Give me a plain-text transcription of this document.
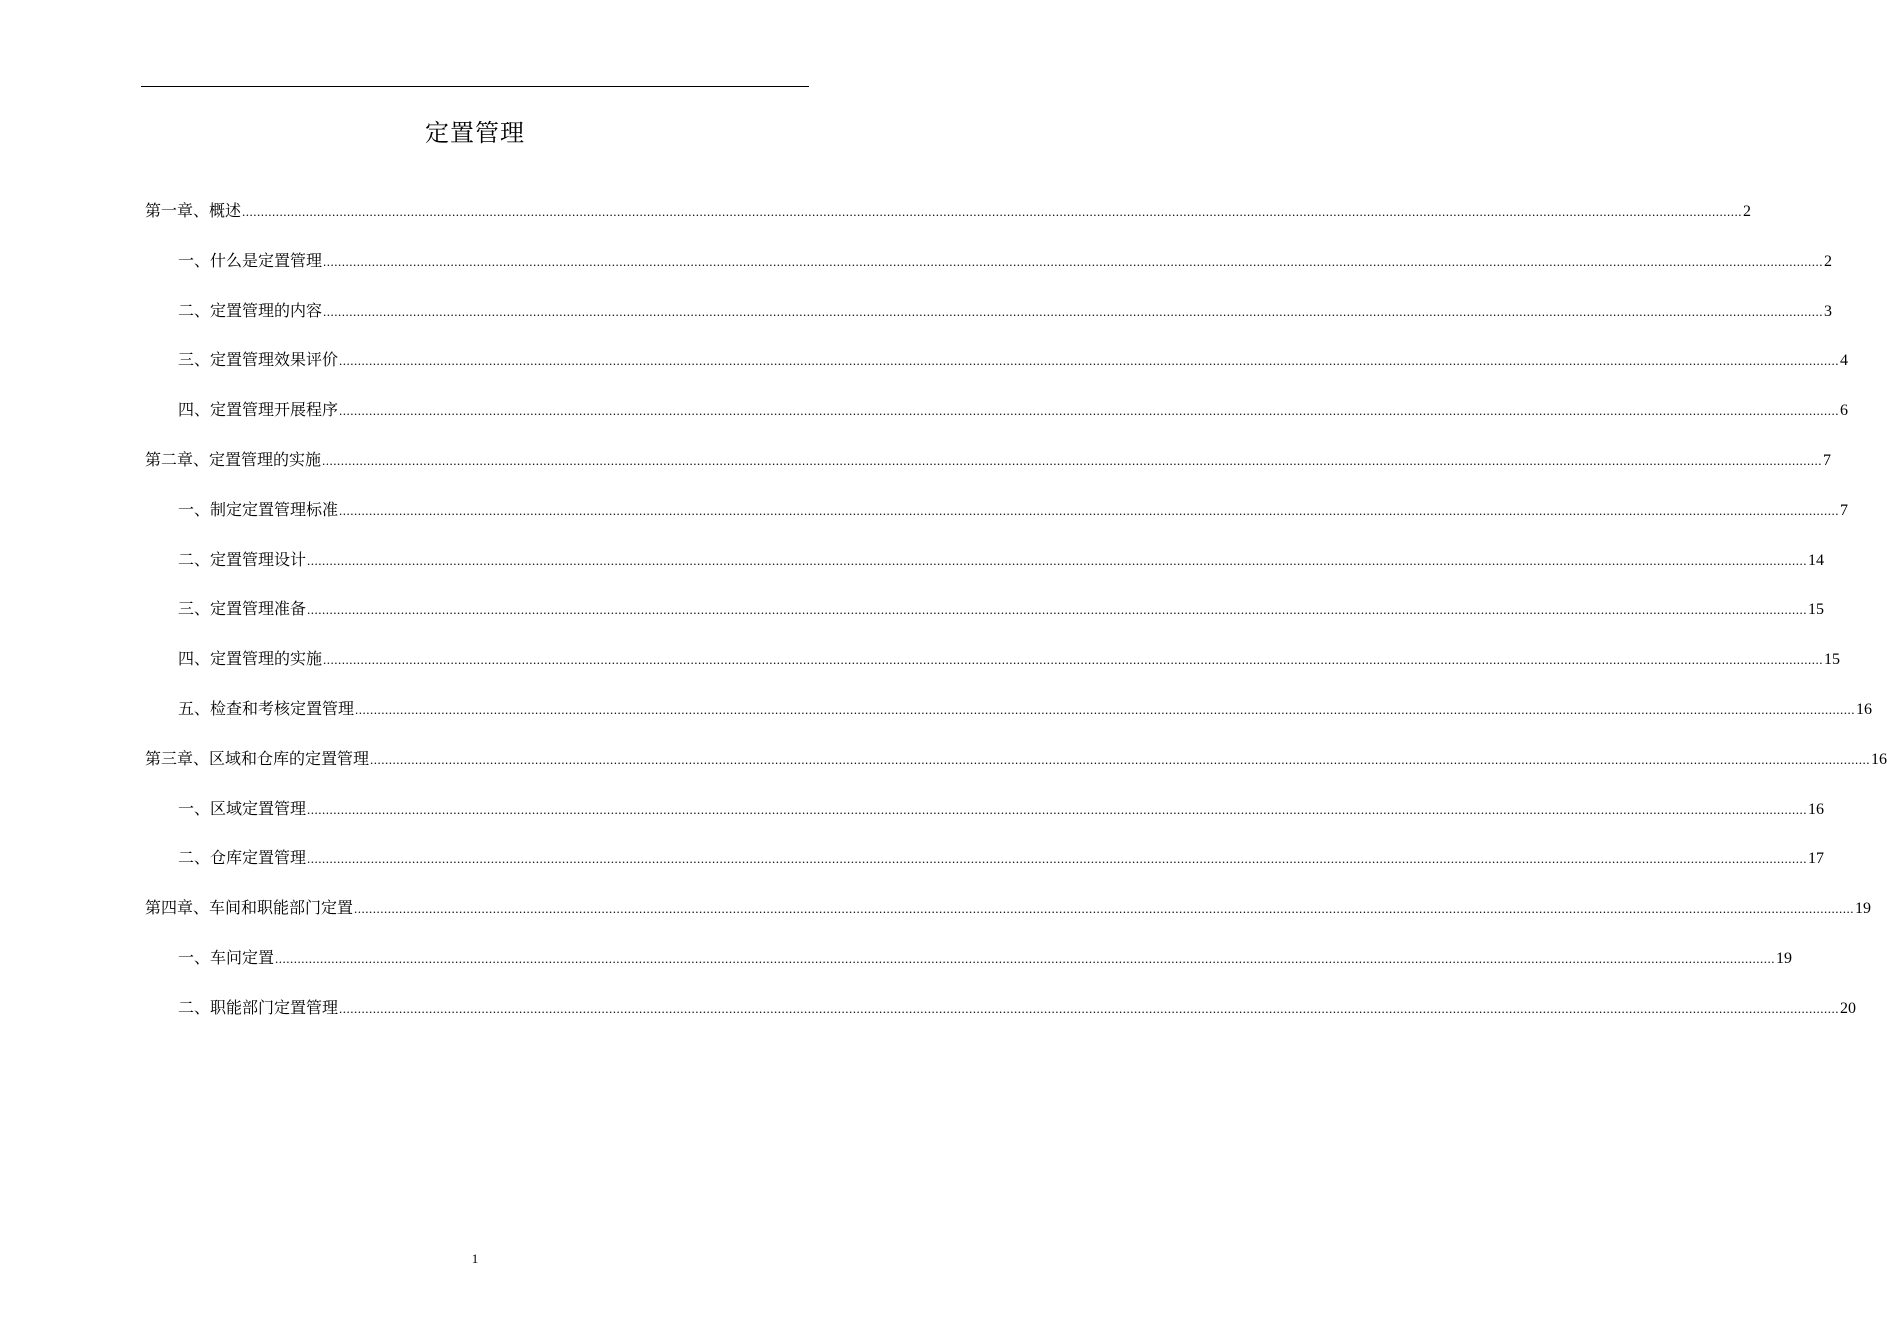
定置管理
第一章、概述 ................................................................................................................................................................................................................................................................................................................................................................................................................ 2
一、什么是定置管理 ................................................................................................................................................................................................................................................................................................................................................................................................................ 2
二、定置管理的内容 ................................................................................................................................................................................................................................................................................................................................................................................................................ 3
三、定置管理效果评价 ................................................................................................................................................................................................................................................................................................................................................................................................................ 4
四、定置管理开展程序 ................................................................................................................................................................................................................................................................................................................................................................................................................ 6
第二章、定置管理的实施 ................................................................................................................................................................................................................................................................................................................................................................................................................ 7
一、制定定置管理标准 ................................................................................................................................................................................................................................................................................................................................................................................................................ 7
二、定置管理设计 ................................................................................................................................................................................................................................................................................................................................................................................................................ 14
三、定置管理准备 ................................................................................................................................................................................................................................................................................................................................................................................................................ 15
四、定置管理的实施 ................................................................................................................................................................................................................................................................................................................................................................................................................ 15
五、检查和考核定置管理 ................................................................................................................................................................................................................................................................................................................................................................................................................ 16
第三章、区域和仓库的定置管理 ................................................................................................................................................................................................................................................................................................................................................................................................................ 16
一、区域定置管理 ................................................................................................................................................................................................................................................................................................................................................................................................................ 16
二、仓库定置管理 ................................................................................................................................................................................................................................................................................................................................................................................................................ 17
第四章、车间和职能部门定置 ................................................................................................................................................................................................................................................................................................................................................................................................................ 19
一、车问定置 ................................................................................................................................................................................................................................................................................................................................................................................................................ 19
二、职能部门定置管理 ................................................................................................................................................................................................................................................................................................................................................................................................................ 20
1
